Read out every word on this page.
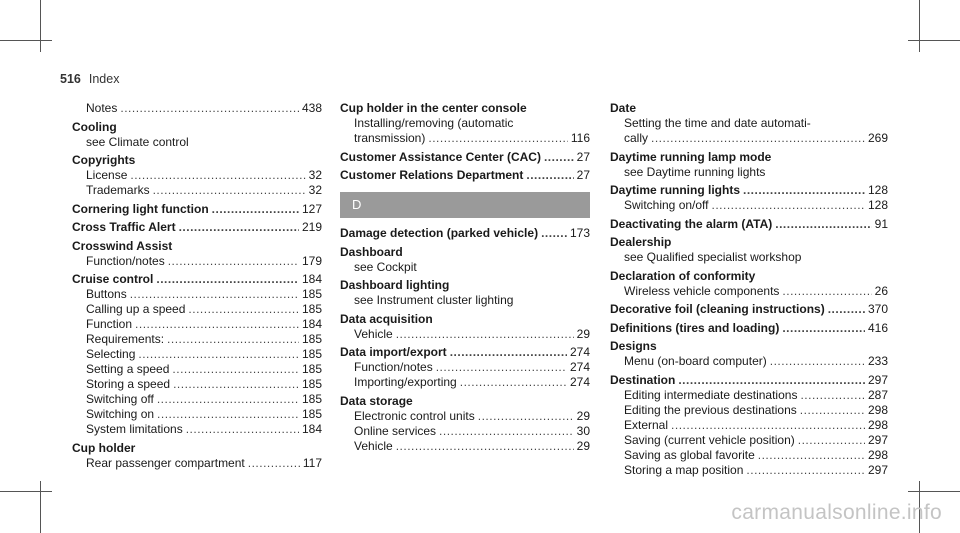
516 Index
Notes .....	438
Cooling
see Climate control
Copyrights
License .....	32
Trademarks .....	32
Cornering light function .....	127
Cross Traffic Alert .....	219
Crosswind Assist
Function/notes .....	179
Cruise control .....	184
Buttons .....	185
Calling up a speed .....	185
Function .....	184
Requirements: .....	185
Selecting .....	185
Setting a speed .....	185
Storing a speed .....	185
Switching off .....	185
Switching on .....	185
System limitations .....	184
Cup holder
Rear passenger compartment .....	117
Cup holder in the center console
Installing/removing (automatic
transmission) .....	116
Customer Assistance Center (CAC) .....	27
Customer Relations Department .....	27
D
Damage detection (parked vehicle) .....	173
Dashboard
see Cockpit
Dashboard lighting
see Instrument cluster lighting
Data acquisition
Vehicle .....	29
Data import/export .....	274
Function/notes .....	274
Importing/exporting .....	274
Data storage
Electronic control units .....	29
Online services .....	30
Vehicle .....	29
Date
Setting the time and date automati-
cally .....	269
Daytime running lamp mode
see Daytime running lights
Daytime running lights .....	128
Switching on/off .....	128
Deactivating the alarm (ATA) .....	91
Dealership
see Qualified specialist workshop
Declaration of conformity
Wireless vehicle components .....	26
Decorative foil (cleaning instructions) .....	370
Definitions (tires and loading) .....	416
Designs
Menu (on-board computer) .....	233
Destination .....	297
Editing intermediate destinations .....	287
Editing the previous destinations .....	298
External .....	298
Saving (current vehicle position) .....	297
Saving as global favorite .....	298
Storing a map position .....	297
carmanualsonline.info
